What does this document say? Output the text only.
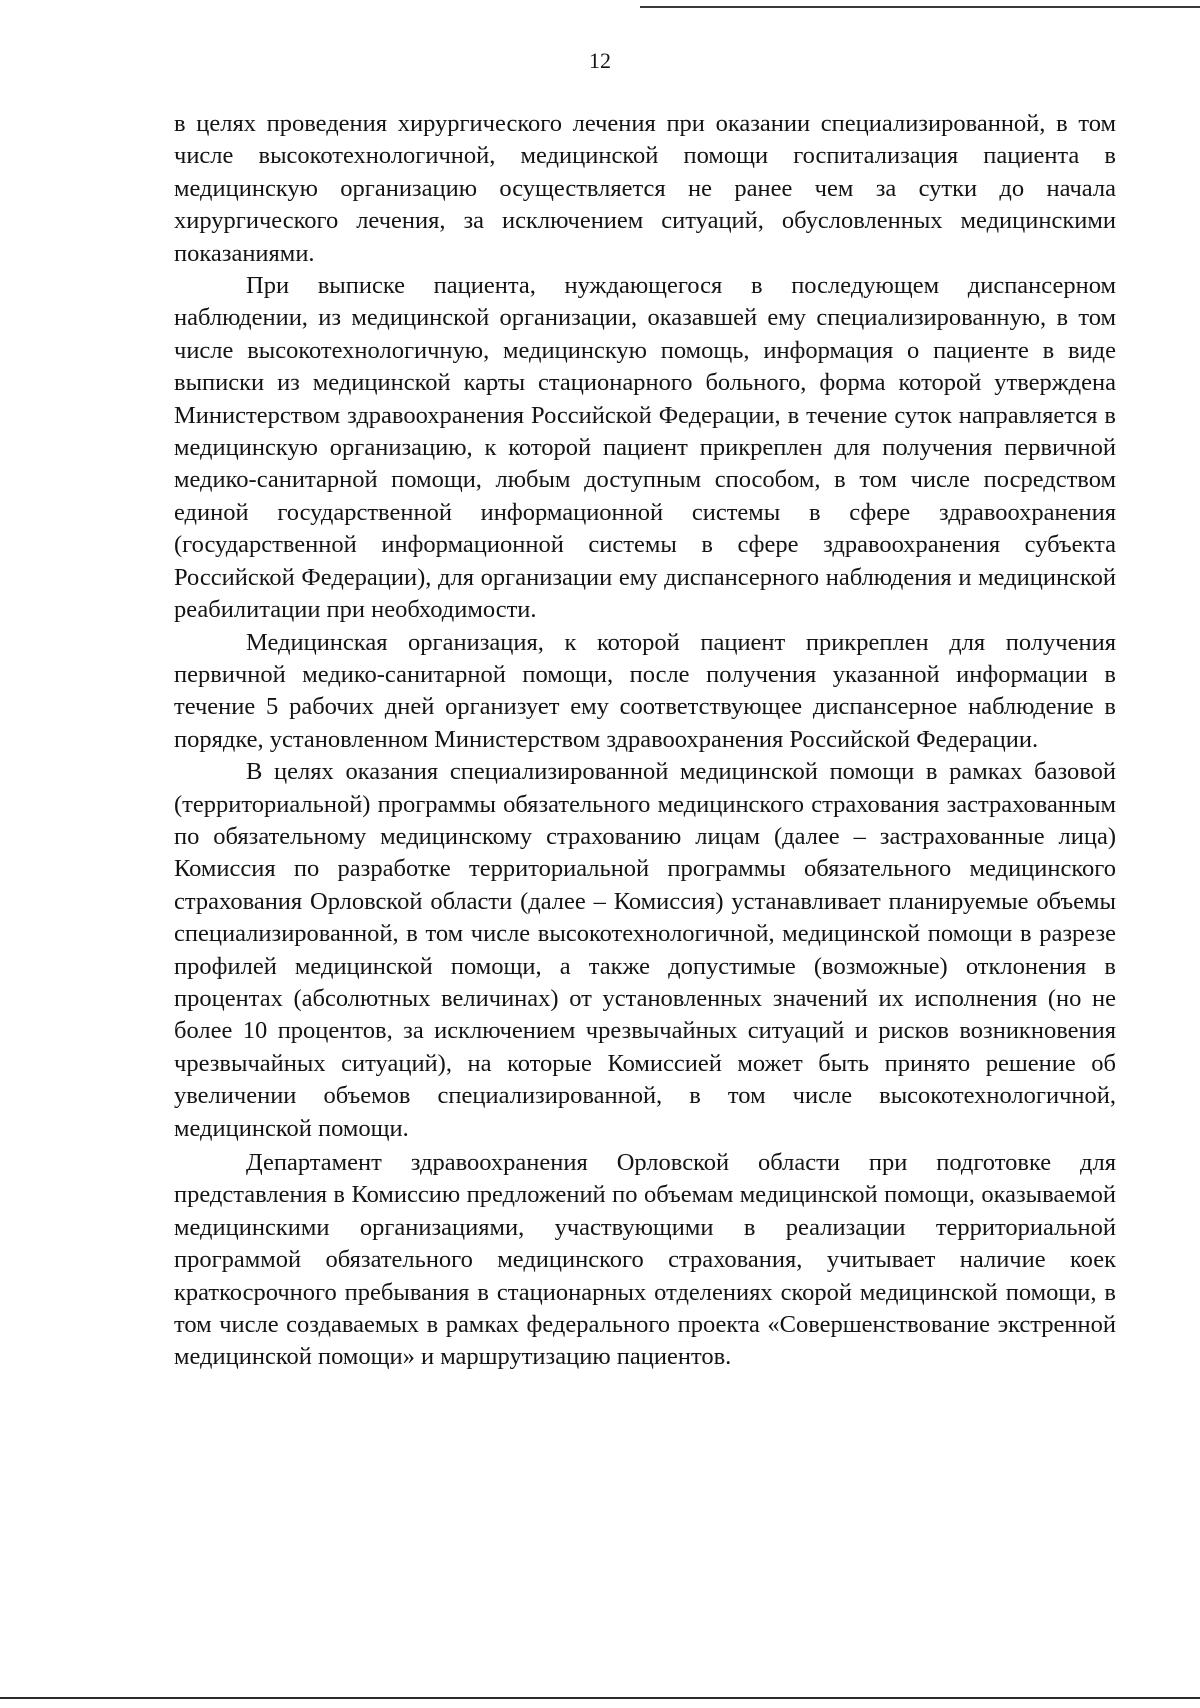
12

в целях проведения хирургического лечения при оказании специализированной, в том числе высокотехнологичной, медицинской помощи госпитализация пациента в медицинскую организацию осуществляется не ранее чем за сутки до начала хирургического лечения, за исключением ситуаций, обусловленных медицинскими показаниями.

При выписке пациента, нуждающегося в последующем диспансерном наблюдении, из медицинской организации, оказавшей ему специализированную, в том числе высокотехнологичную, медицинскую помощь, информация о пациенте в виде выписки из медицинской карты стационарного больного, форма которой утверждена Министерством здравоохранения Российской Федерации, в течение суток направляется в медицинскую организацию, к которой пациент прикреплен для получения первичной медико-санитарной помощи, любым доступным способом, в том числе посредством единой государственной информационной системы в сфере здравоохранения (государственной информационной системы в сфере здравоохранения субъекта Российской Федерации), для организации ему диспансерного наблюдения и медицинской реабилитации при необходимости.

Медицинская организация, к которой пациент прикреплен для получения первичной медико-санитарной помощи, после получения указанной информации в течение 5 рабочих дней организует ему соответствующее диспансерное наблюдение в порядке, установленном Министерством здравоохранения Российской Федерации.

В целях оказания специализированной медицинской помощи в рамках базовой (территориальной) программы обязательного медицинского страхования застрахованным по обязательному медицинскому страхованию лицам (далее – застрахованные лица) Комиссия по разработке территориальной программы обязательного медицинского страхования Орловской области (далее – Комиссия) устанавливает планируемые объемы специализированной, в том числе высокотехнологичной, медицинской помощи в разрезе профилей медицинской помощи, а также допустимые (возможные) отклонения в процентах (абсолютных величинах) от установленных значений их исполнения (но не более 10 процентов, за исключением чрезвычайных ситуаций и рисков возникновения чрезвычайных ситуаций), на которые Комиссией может быть принято решение об увеличении объемов специализированной, в том числе высокотехнологичной, медицинской помощи.

Департамент здравоохранения Орловской области при подготовке для представления в Комиссию предложений по объемам медицинской помощи, оказываемой медицинскими организациями, участвующими в реализации территориальной программой обязательного медицинского страхования, учитывает наличие коек краткосрочного пребывания в стационарных отделениях скорой медицинской помощи, в том числе создаваемых в рамках федерального проекта «Совершенствование экстренной медицинской помощи» и маршрутизацию пациентов.
